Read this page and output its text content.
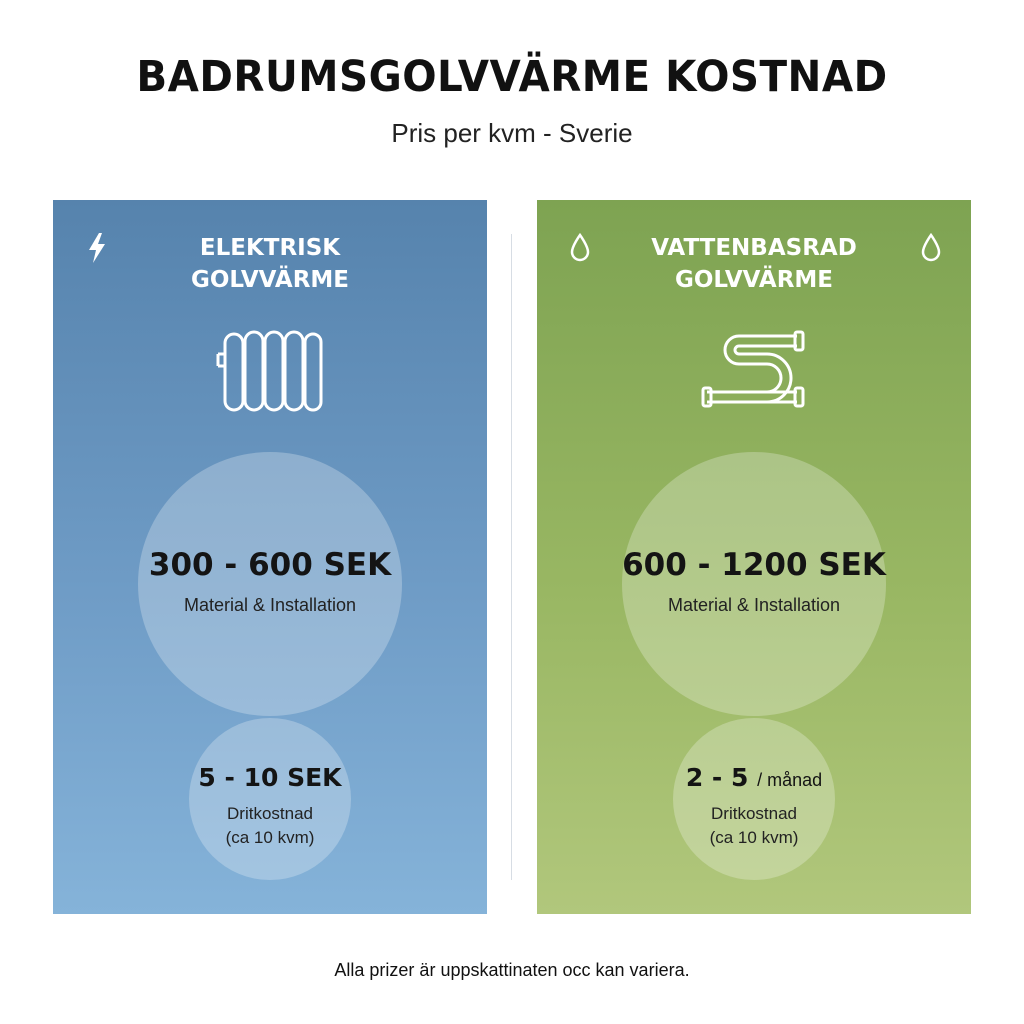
BADRUMSGOLVVÄRME KOSTNAD
Pris per kvm - Sverie
ELEKTRISK
GOLVVÄRME
300 - 600 SEK
Material & Installation
5 - 10 SEK
Dritkostnad
(ca 10 kvm)
VATTENBASRAD
GOLVVÄRME
600 - 1200 SEK
Material & Installation
2 - 5 / månad
Dritkostnad
(ca 10 kvm)
Alla prizer är uppskattinaten occ kan variera.
